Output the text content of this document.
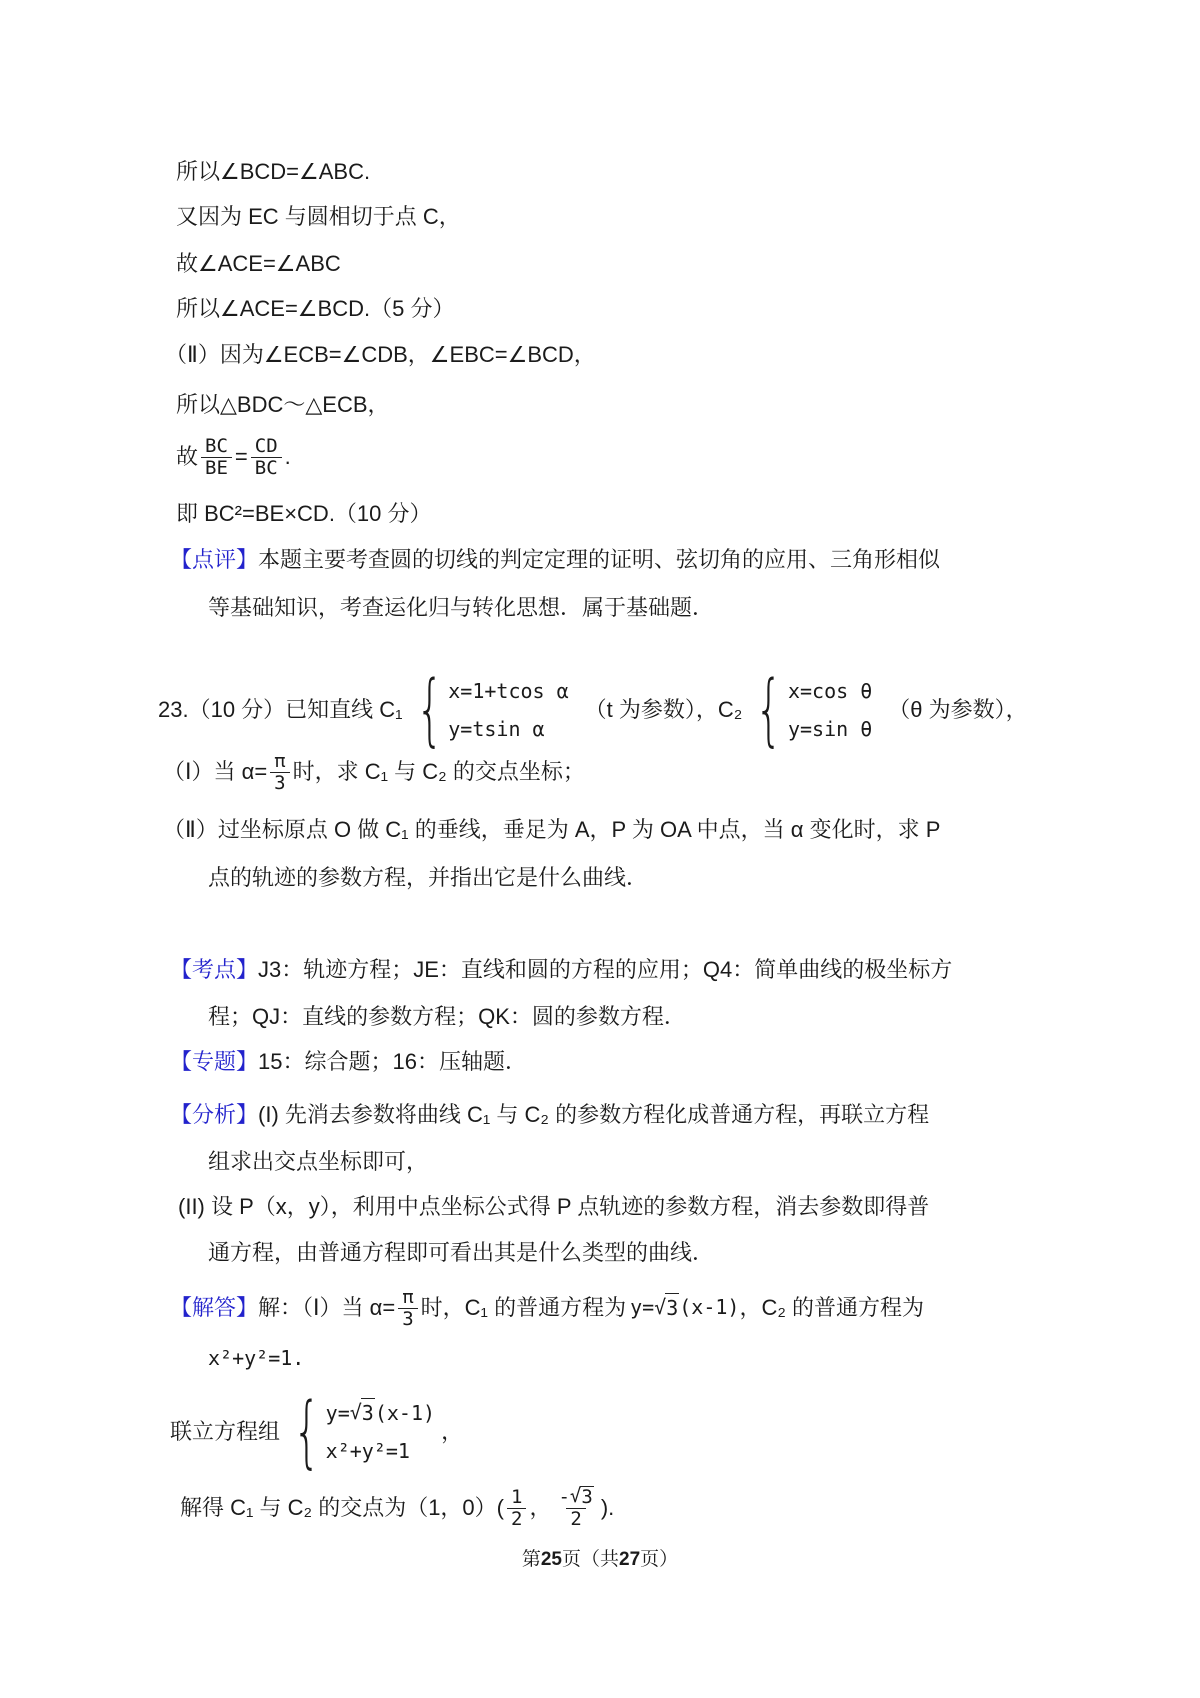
所以∠BCD=∠ABC.
又因为 EC 与圆相切于点 C，
故∠ACE=∠ABC
所以∠ACE=∠BCD.（5 分）
（Ⅱ）因为∠ECB=∠CDB，∠EBC=∠BCD，
所以△BDC～△ECB，
故 $\frac{BC}{BE} = \frac{CD}{BC}$ .
即 BC²=BE×CD.（10 分）
【点评】 本题主要考查圆的切线的判定定理的证明、弦切角的应用、三角形相似
等基础知识，考查运化归与转化思想．属于基础题．
23.（10 分）已知直线 C₁ { x=1+tcos α
y=tsin α
（t 为参数），C₂ { x=cos θ
y=sin θ
（θ 为参数），
（Ⅰ）当 $\alpha= \frac{\pi}{3}$ 时，求 C₁ 与 C₂ 的交点坐标；
（Ⅱ）过坐标原点 O 做 C₁ 的垂线，垂足为 A，P 为 OA 中点，当 α 变化时，求 P
点的轨迹的参数方程，并指出它是什么曲线．
【考点】 J3：轨迹方程；JE：直线和圆的方程的应用；Q4：简单曲线的极坐标方
程；QJ：直线的参数方程；QK：圆的参数方程．
【专题】 15：综合题；16：压轴题．
【分析】 (I) 先消去参数将曲线 C₁ 与 C₂ 的参数方程化成普通方程，再联立方程
组求出交点坐标即可，
(II) 设 P（x，y），利用中点坐标公式得 P 点轨迹的参数方程，消去参数即得普
通方程，由普通方程即可看出其是什么类型的曲线．
【解答】 解：（Ⅰ）当 $\alpha= \frac{\pi}{3}$ 时，C₁ 的普通方程为 y= √ 3 (x-1) ，C₂ 的普通方程为
x²+y²=1.
联立方程组 { y= √ 3 (x-1)
x²+y²=1
，
解得 C₁ 与 C₂ 的交点为（1，$0)( \frac{1}{2}$ ， $\frac{- √ 3}{2}$ ).
第 25 页（共 27 页）
